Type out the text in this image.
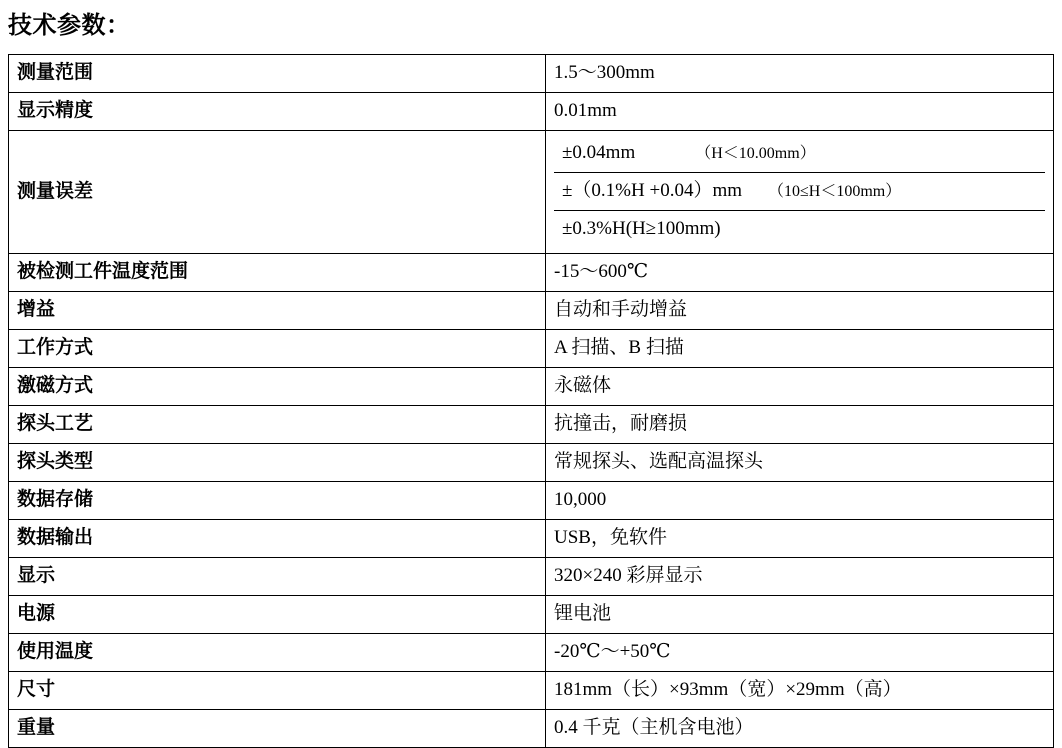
技术参数：
测量范围	1.5～300mm
显示精度	0.01mm
测量误差	
±0.04mm	（H＜10.00mm）
±（0.1%H +0.04）mm （10≤H＜100mm）
±0.3%H(H≥100mm)

被检测工件温度范围	-15～600℃
增益	自动和手动增益
工作方式	A 扫描、B 扫描
激磁方式	永磁体
探头工艺	抗撞击，耐磨损
探头类型	常规探头、选配高温探头
数据存储	10,000
数据输出	USB，免软件
显示	320×240 彩屏显示
电源	锂电池
使用温度	-20℃～+50℃
尺寸	181mm（长）×93mm（宽）×29mm（高）
重量	0.4 千克（主机含电池）
